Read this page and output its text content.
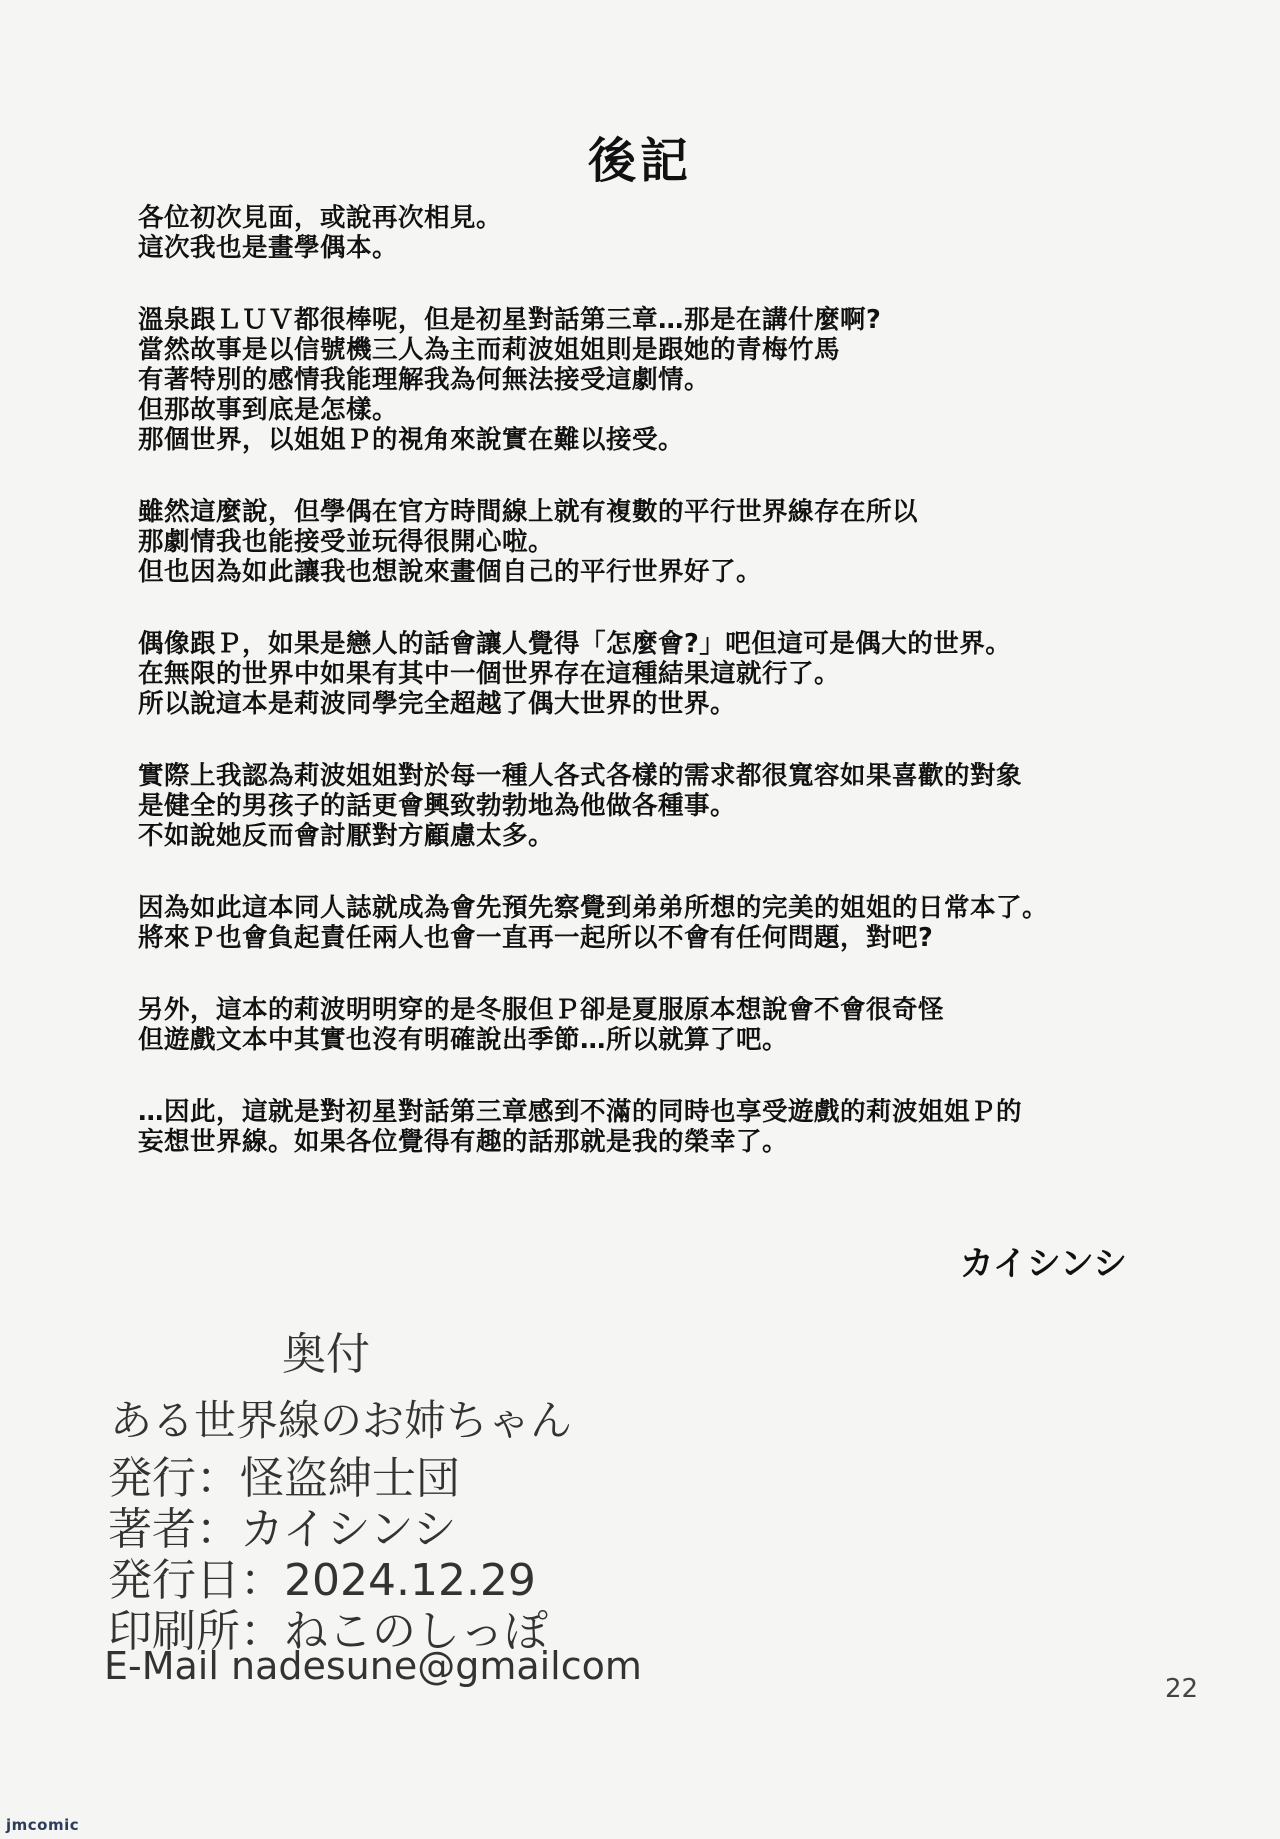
後記
各位初次見面，或說再次相見。
這次我也是畫學偶本。
溫泉跟ＬＵＶ都很棒呢，但是初星對話第三章…那是在講什麼啊?
當然故事是以信號機三人為主而莉波姐姐則是跟她的青梅竹馬
有著特別的感情我能理解我為何無法接受這劇情。
但那故事到底是怎樣。
那個世界，以姐姐Ｐ的視角來說實在難以接受。
雖然這麼說，但學偶在官方時間線上就有複數的平行世界線存在所以
那劇情我也能接受並玩得很開心啦。
但也因為如此讓我也想說來畫個自己的平行世界好了。
偶像跟Ｐ，如果是戀人的話會讓人覺得「怎麼會?」吧但這可是偶大的世界。
在無限的世界中如果有其中一個世界存在這種結果這就行了。
所以說這本是莉波同學完全超越了偶大世界的世界。
實際上我認為莉波姐姐對於每一種人各式各樣的需求都很寬容如果喜歡的對象
是健全的男孩子的話更會興致勃勃地為他做各種事。
不如說她反而會討厭對方顧慮太多。
因為如此這本同人誌就成為會先預先察覺到弟弟所想的完美的姐姐的日常本了。
將來Ｐ也會負起責任兩人也會一直再一起所以不會有任何問題，對吧?
另外，這本的莉波明明穿的是冬服但Ｐ卻是夏服原本想說會不會很奇怪
但遊戲文本中其實也沒有明確說出季節…所以就算了吧。
…因此，這就是對初星對話第三章感到不滿的同時也享受遊戲的莉波姐姐Ｐ的
妄想世界線。如果各位覺得有趣的話那就是我的榮幸了。
カイシンシ
奥付
ある世界線のお姉ちゃん
発行：怪盗紳士団
著者：カイシンシ
発行日：2024.12.29
印刷所：ねこのしっぽ
E-Mail nadesune@gmailcom
22
jmcomic
